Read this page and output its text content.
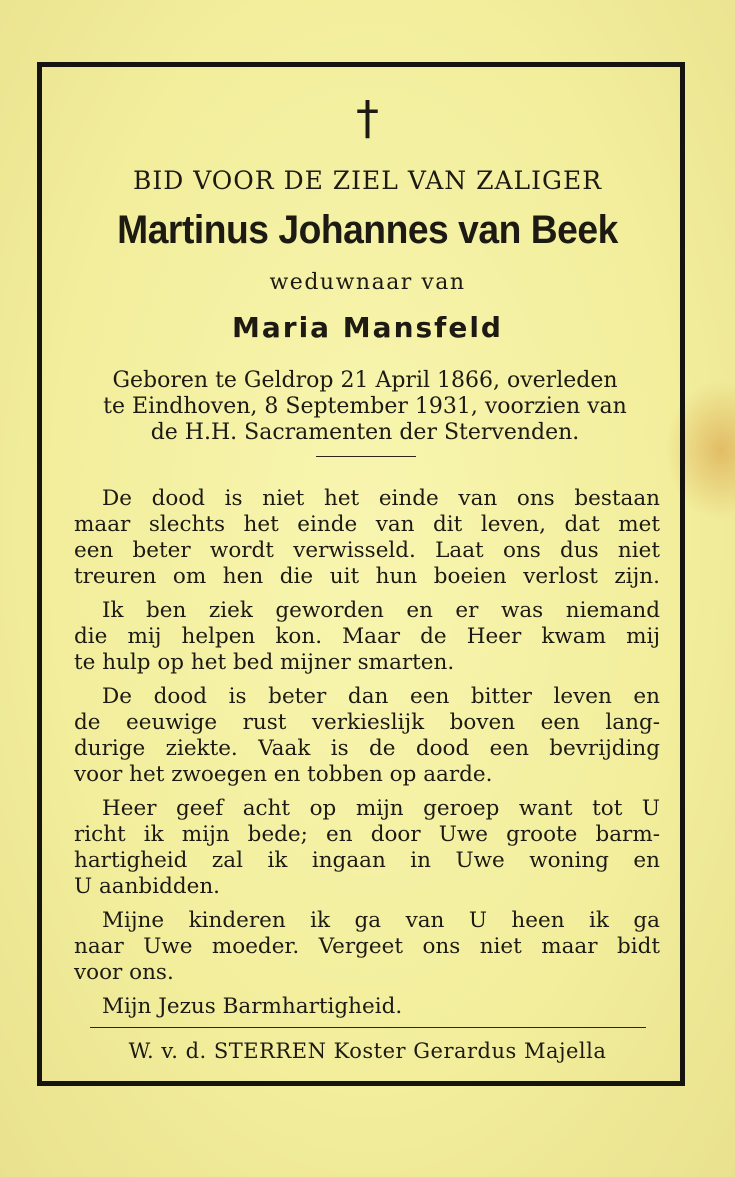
†
BID VOOR DE ZIEL VAN ZALIGER
Martinus Johannes van Beek
weduwnaar van
Maria Mansfeld
Geboren te Geldrop 21 April 1866, overleden
te Eindhoven, 8 September 1931, voorzien van
de H.H. Sacramenten der Stervenden.
De dood is niet het einde van ons bestaan
maar slechts het einde van dit leven, dat met
een beter wordt verwisseld. Laat ons dus niet
treuren om hen die uit hun boeien verlost zijn.
Ik ben ziek geworden en er was niemand
die mij helpen kon. Maar de Heer kwam mij
te hulp op het bed mijner smarten.
De dood is beter dan een bitter leven en
de eeuwige rust verkieslijk boven een lang-
durige ziekte. Vaak is de dood een bevrijding
voor het zwoegen en tobben op aarde.
Heer geef acht op mijn geroep want tot U
richt ik mijn bede; en door Uwe groote barm-
hartigheid zal ik ingaan in Uwe woning en
U aanbidden.
Mijne kinderen ik ga van U heen ik ga
naar Uwe moeder. Vergeet ons niet maar bidt
voor ons.
Mijn Jezus Barmhartigheid.
W. v. d. STERREN Koster Gerardus Majella
